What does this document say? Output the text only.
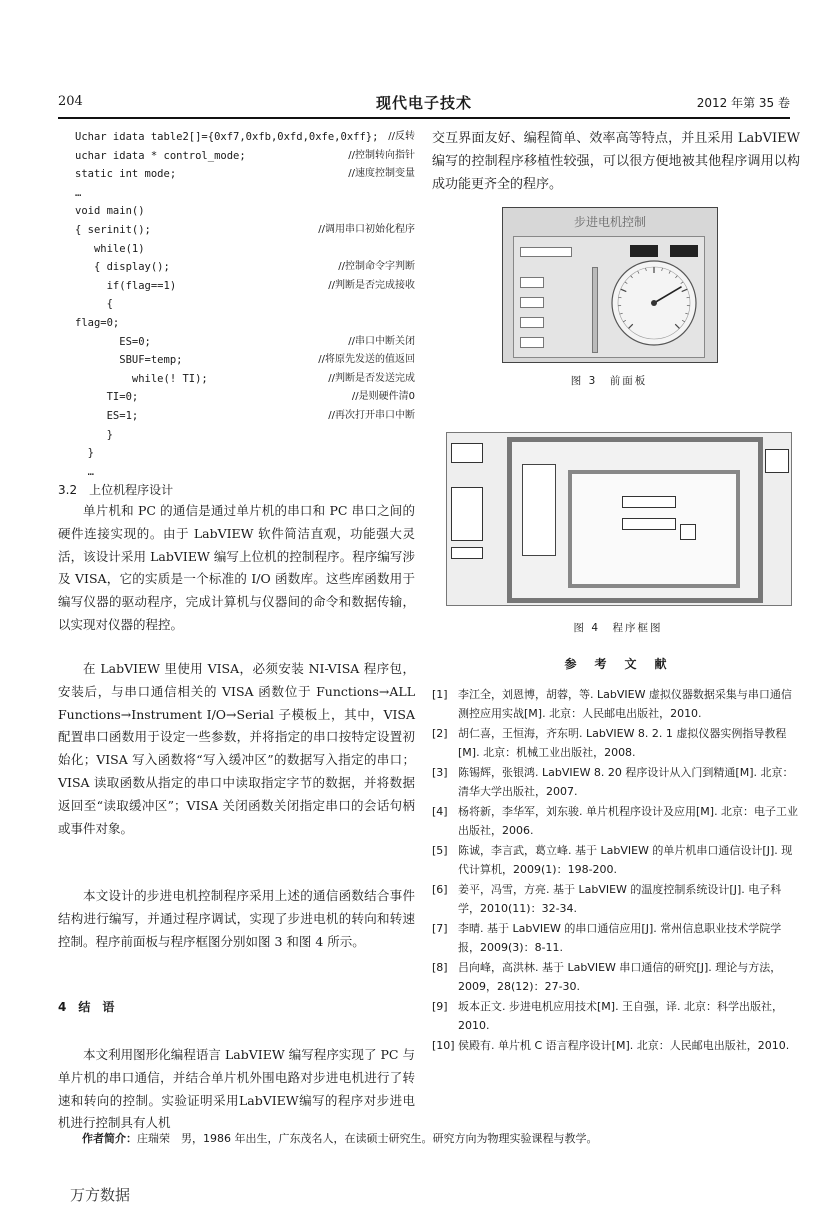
204	现代电子技术	2012 年第 35 卷
Uchar idata table2[]={0xf7,0xfb,0xfd,0xfe,0xff}; //反转
uchar idata * control_mode;	//控制转向指针
static int mode;	//速度控制变量
…
void main()
{ serinit();	//调用串口初始化程序
while(1)
{ display();	//控制命令字判断
if(flag==1)	//判断是否完成接收
{
flag=0;
ES=0;	//串口中断关闭
SBUF=temp;	//将原先发送的值返回
while(! TI);	//判断是否发送完成
TI=0;	//是则硬件清0
ES=1;	//再次打开串口中断
}
}
…
3.2　上位机程序设计
单片机和 PC 的通信是通过单片机的串口和 PC 串口之间的硬件连接实现的。由于 LabVIEW 软件简洁直观，功能强大灵活，该设计采用 LabVIEW 编写上位机的控制程序。程序编写涉及 VISA，它的实质是一个标准的 I/O 函数库。这些库函数用于编写仪器的驱动程序，完成计算机与仪器间的命令和数据传输，以实现对仪器的程控。
在 LabVIEW 里使用 VISA，必须安装 NI-VISA 程序包，安装后，与串口通信相关的 VISA 函数位于 Functions→ALL Functions→Instrument I/O→Serial 子模板上，其中，VISA 配置串口函数用于设定一些参数，并将指定的串口按特定设置初始化；VISA 写入函数将“写入缓冲区”的数据写入指定的串口；VISA 读取函数从指定的串口中读取指定字节的数据，并将数据返回至“读取缓冲区”；VISA 关闭函数关闭指定串口的会话句柄或事件对象。
本文设计的步进电机控制程序采用上述的通信函数结合事件结构进行编写，并通过程序调试，实现了步进电机的转向和转速控制。程序前面板与程序框图分别如图 3 和图 4 所示。
4　结　语
本文利用图形化编程语言 LabVIEW 编写程序实现了 PC 与单片机的串口通信，并结合单片机外围电路对步进电机进行了转速和转向的控制。实验证明采用LabVIEW编写的程序对步进电机进行控制具有人机
交互界面友好、编程简单、效率高等特点，并且采用 LabVIEW 编写的控制程序移植性较强，可以很方便地被其他程序调用以构成功能更齐全的程序。
步进电机控制
图 3　前面板
图 4　程序框图
参　考　文　献
[1] 李江全，刘恩博，胡蓉，等. LabVIEW 虚拟仪器数据采集与串口通信测控应用实战[M]. 北京：人民邮电出版社，2010.
[2] 胡仁喜，王恒海，齐东明. LabVIEW 8. 2. 1 虚拟仪器实例指导教程[M]. 北京：机械工业出版社，2008.
[3] 陈锡辉，张银鸿. LabVIEW 8. 20 程序设计从入门到精通[M]. 北京：清华大学出版社，2007.
[4] 杨将新，李华军，刘东骏. 单片机程序设计及应用[M]. 北京：电子工业出版社，2006.
[5] 陈诚，李言武，葛立峰. 基于 LabVIEW 的单片机串口通信设计[J]. 现代计算机，2009(1)：198-200.
[6] 姜平，冯雪，方亮. 基于 LabVIEW 的温度控制系统设计[J]. 电子科学，2010(11)：32-34.
[7] 李晴. 基于 LabVIEW 的串口通信应用[J]. 常州信息职业技术学院学报，2009(3)：8-11.
[8] 吕向峰，高洪林. 基于 LabVIEW 串口通信的研究[J]. 理论与方法，2009，28(12)：27-30.
[9] 坂本正文. 步进电机应用技术[M]. 王自强，译. 北京：科学出版社，2010.
[10] 侯殿有. 单片机 C 语言程序设计[M]. 北京：人民邮电出版社，2010.
作者简介：庄瑞荣　男，1986 年出生，广东茂名人，在读硕士研究生。研究方向为物理实验课程与教学。
万方数据
